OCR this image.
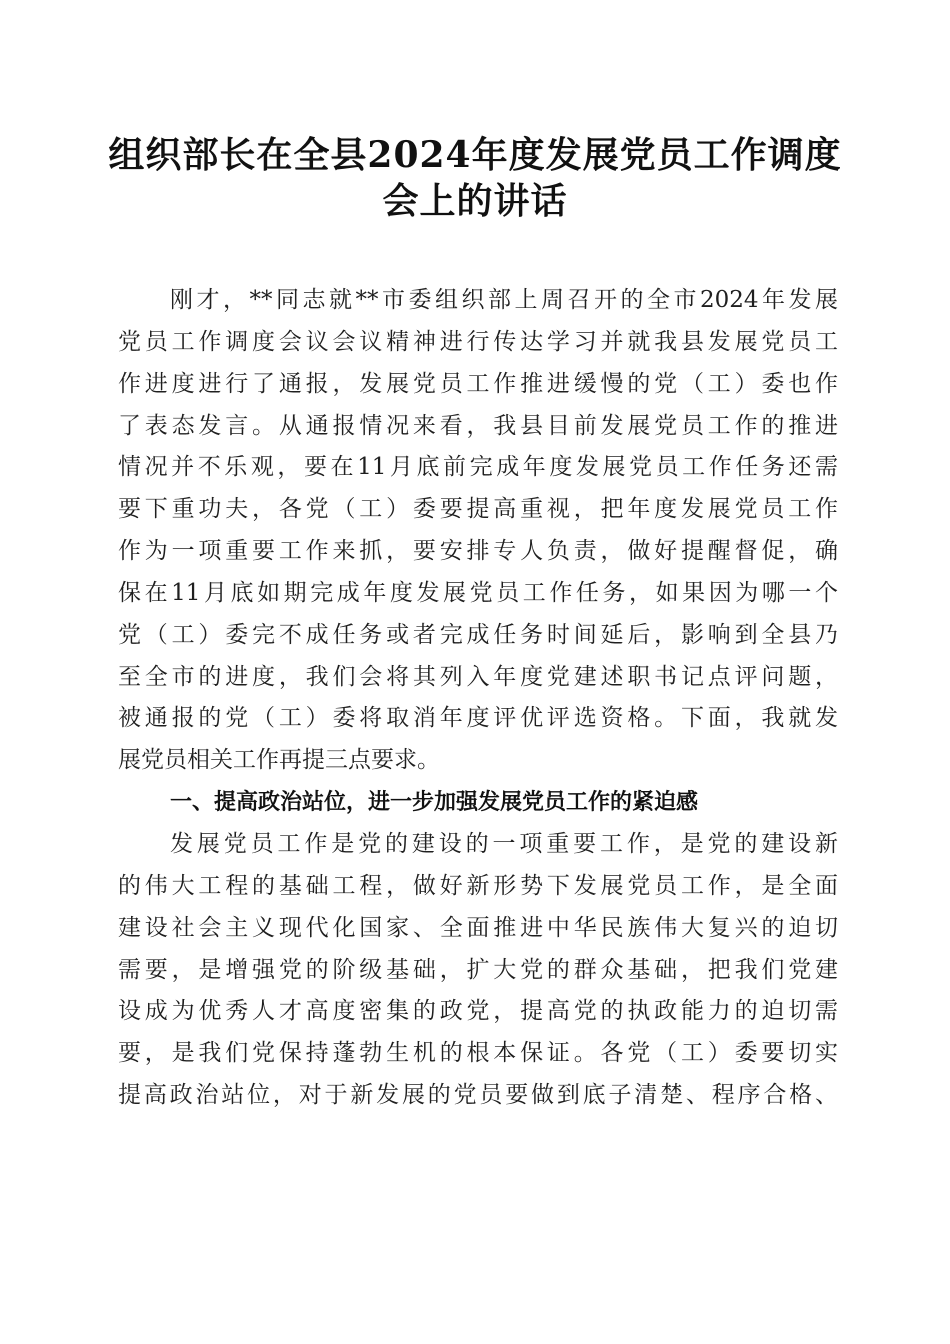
组织部长在全县2024年度发展党员工作调度
会上的讲话
刚才，**同志就**市委组织部上周召开的全市2024年发展
党员工作调度会议会议精神进行传达学习并就我县发展党员工
作进度进行了通报，发展党员工作推进缓慢的党（工）委也作
了表态发言。从通报情况来看，我县目前发展党员工作的推进
情况并不乐观，要在11月底前完成年度发展党员工作任务还需
要下重功夫，各党（工）委要提高重视，把年度发展党员工作
作为一项重要工作来抓，要安排专人负责，做好提醒督促，确
保在11月底如期完成年度发展党员工作任务，如果因为哪一个
党（工）委完不成任务或者完成任务时间延后，影响到全县乃
至全市的进度，我们会将其列入年度党建述职书记点评问题，
被通报的党（工）委将取消年度评优评选资格。下面，我就发
展党员相关工作再提三点要求。
一、提高政治站位，进一步加强发展党员工作的紧迫感
发展党员工作是党的建设的一项重要工作，是党的建设新
的伟大工程的基础工程，做好新形势下发展党员工作，是全面
建设社会主义现代化国家、全面推进中华民族伟大复兴的迫切
需要，是增强党的阶级基础，扩大党的群众基础，把我们党建
设成为优秀人才高度密集的政党，提高党的执政能力的迫切需
要，是我们党保持蓬勃生机的根本保证。各党（工）委要切实
提高政治站位，对于新发展的党员要做到底子清楚、程序合格、
